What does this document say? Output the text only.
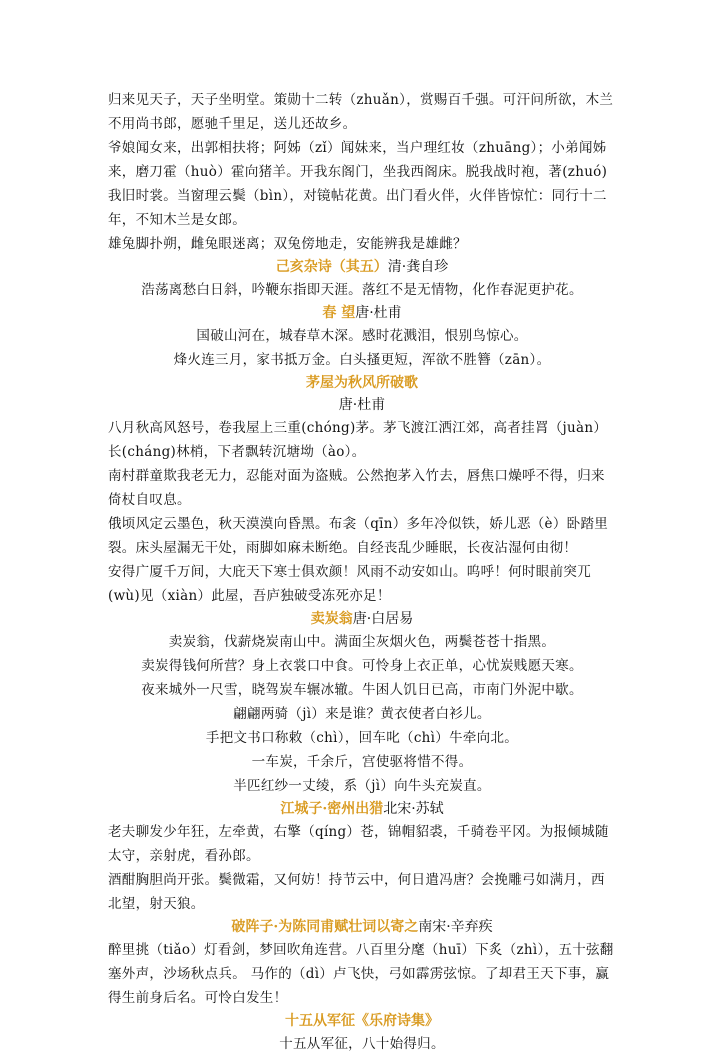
归来见天子，天子坐明堂。策勋十二转（zhuǎn），赏赐百千强。可汗问所欲，木兰不用尚书郎，愿驰千里足，送儿还故乡。

爷娘闻女来，出郭相扶将；阿姊（zǐ）闻妹来，当户理红妆（zhuāng）；小弟闻姊来，磨刀霍（huò）霍向猪羊。开我东阁门，坐我西阁床。脱我战时袍，著(zhuó)我旧时裳。当窗理云鬓（bìn），对镜帖花黄。出门看火伴，火伴皆惊忙：同行十二年，不知木兰是女郎。

雄兔脚扑朔，雌兔眼迷离；双兔傍地走，安能辨我是雄雌？

己亥杂诗（其五）清·龚自珍

浩荡离愁白日斜，吟鞭东指即天涯。落红不是无情物，化作春泥更护花。

春 望唐·杜甫

国破山河在，城春草木深。感时花溅泪，恨别鸟惊心。

烽火连三月，家书抵万金。白头搔更短，浑欲不胜簪（zān）。

茅屋为秋风所破歌
唐·杜甫

八月秋高风怒号，卷我屋上三重(chóng)茅。茅飞渡江洒江郊，高者挂罥（juàn）长(cháng)林梢，下者飘转沉塘坳（ào）。

南村群童欺我老无力，忍能对面为盗贼。公然抱茅入竹去，唇焦口燥呼不得，归来倚杖自叹息。

俄顷风定云墨色，秋天漠漠向昏黑。布衾（qīn）多年冷似铁，娇儿恶（è）卧踏里裂。床头屋漏无干处，雨脚如麻未断绝。自经丧乱少睡眠，长夜沾湿何由彻！

安得广厦千万间，大庇天下寒士俱欢颜！风雨不动安如山。呜呼！何时眼前突兀(wù)见（xiàn）此屋，吾庐独破受冻死亦足！

卖炭翁唐·白居易

卖炭翁，伐薪烧炭南山中。满面尘灰烟火色，两鬓苍苍十指黑。

卖炭得钱何所营？身上衣裳口中食。可怜身上衣正单，心忧炭贱愿天寒。

夜来城外一尺雪，晓驾炭车辗冰辙。牛困人饥日已高，市南门外泥中歇。

翩翩两骑（jì）来是谁？黄衣使者白衫儿。

手把文书口称敕（chì），回车叱（chì）牛牵向北。

一车炭，千余斤，宫使驱将惜不得。

半匹红纱一丈绫，系（jì）向牛头充炭直。

江城子·密州出猎北宋·苏轼

老夫聊发少年狂，左牵黄，右擎（qíng）苍，锦帽貂裘，千骑卷平冈。为报倾城随太守，亲射虎，看孙郎。

酒酣胸胆尚开张。鬓微霜，又何妨！持节云中，何日遣冯唐？会挽雕弓如满月，西北望，射天狼。

破阵子·为陈同甫赋壮词以寄之南宋·辛弃疾

醉里挑（tiǎo）灯看剑，梦回吹角连营。八百里分麾（huī）下炙（zhì），五十弦翻塞外声，沙场秋点兵。 马作的（dì）卢飞快，弓如霹雳弦惊。了却君王天下事，赢得生前身后名。可怜白发生！

十五从军征《乐府诗集》

十五从军征，八十始得归。
